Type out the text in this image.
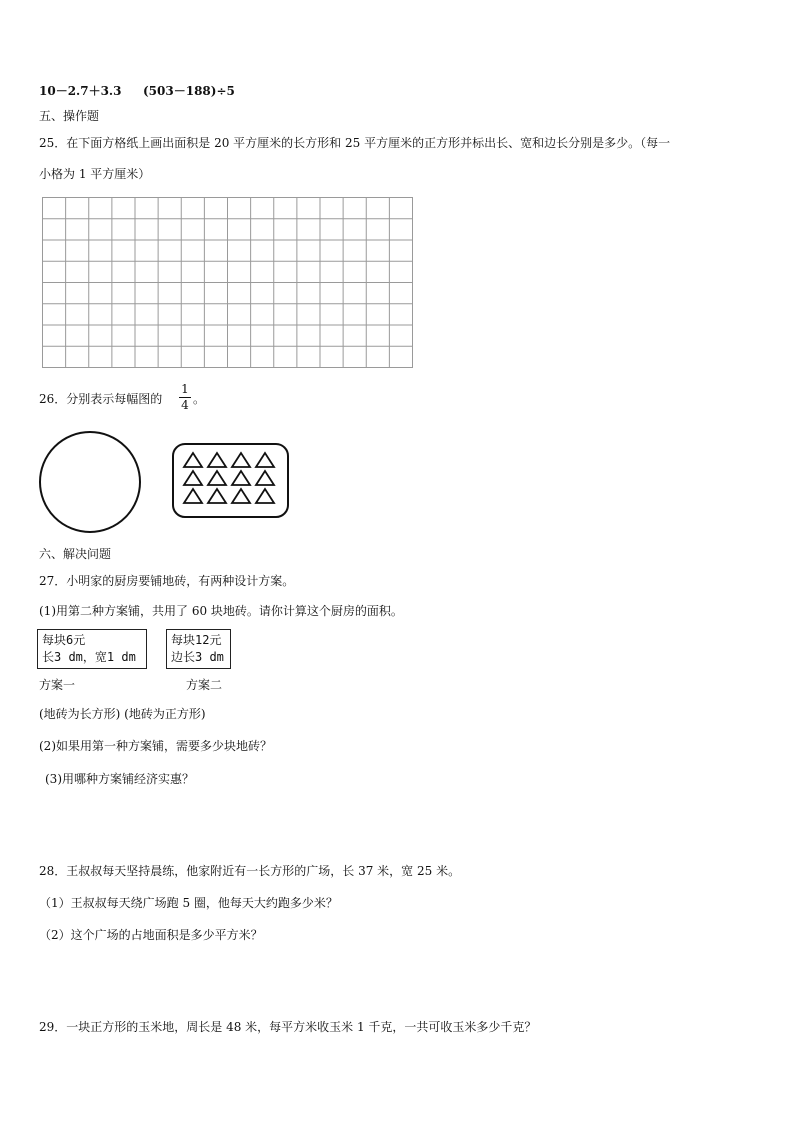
10－2.7＋3.3 (503－188)÷5
五、操作题
25．在下面方格纸上画出面积是 20 平方厘米的长方形和 25 平方厘米的正方形并标出长、宽和边长分别是多少。（每一
小格为 1 平方厘米）
26．分别表示每幅图的
1
4 。
六、解决问题
27．小明家的厨房要铺地砖，有两种设计方案。
(1)用第二种方案铺，共用了 60 块地砖。请你计算这个厨房的面积。
每块6元
长3 dm，宽1 dm
每块12元
边长3 dm
方案一	方案二
(地砖为长方形) (地砖为正方形)
(2)如果用第一种方案铺，需要多少块地砖？
(3)用哪种方案铺经济实惠？
28．王叔叔每天坚持晨练，他家附近有一长方形的广场，长 37 米，宽 25 米。
（1）王叔叔每天绕广场跑 5 圈，他每天大约跑多少米？
（2）这个广场的占地面积是多少平方米？
29．一块正方形的玉米地，周长是 48 米，每平方米收玉米 1 千克，一共可收玉米多少千克？
